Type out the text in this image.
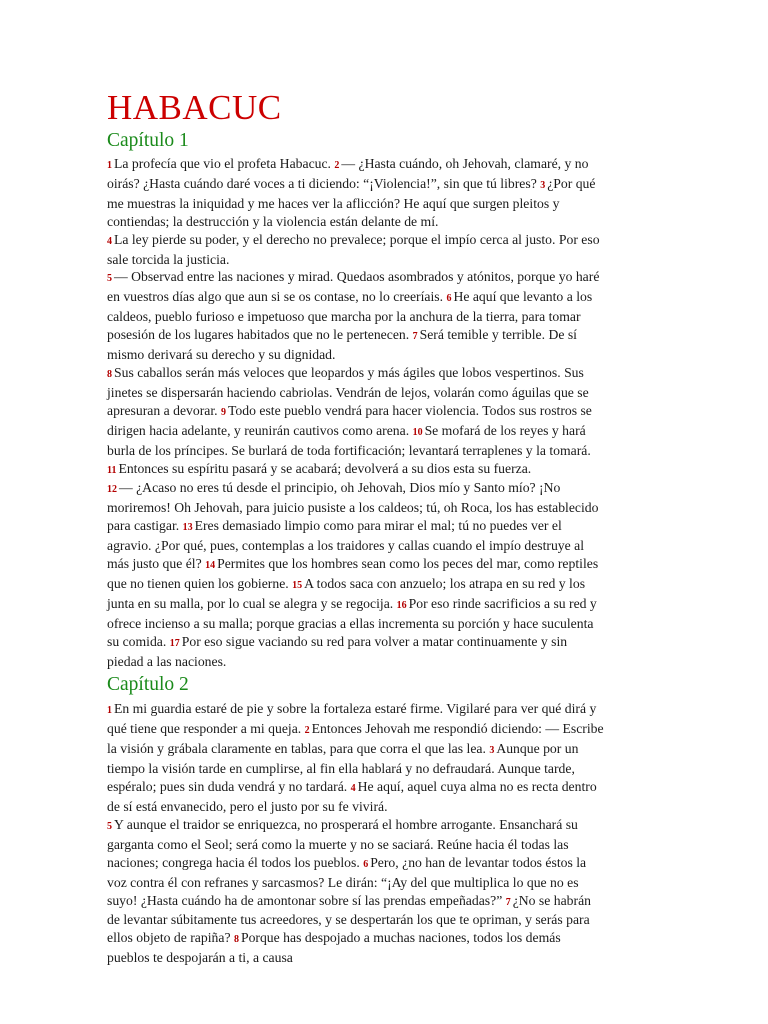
HABACUC
Capítulo 1

1 La profecía que vio el profeta Habacuc. 2 — ¿Hasta cuándo, oh Jehovah, clamaré, y no oirás? ¿Hasta cuándo daré voces a ti diciendo: “¡Violencia!”, sin que tú libres? 3 ¿Por qué me muestras la iniquidad y me haces ver la aflicción? He aquí que surgen pleitos y contiendas; la destrucción y la violencia están delante de mí.
4 La ley pierde su poder, y el derecho no prevalece; porque el impío cerca al justo. Por eso sale torcida la justicia.
5 — Observad entre las naciones y mirad. Quedaos asombrados y atónitos, porque yo haré en vuestros días algo que aun si se os contase, no lo creeríais. 6 He aquí que levanto a los caldeos, pueblo furioso e impetuoso que marcha por la anchura de la tierra, para tomar posesión de los lugares habitados que no le pertenecen. 7 Será temible y terrible. De sí mismo derivará su derecho y su dignidad.
8 Sus caballos serán más veloces que leopardos y más ágiles que lobos vespertinos. Sus jinetes se dispersarán haciendo cabriolas. Vendrán de lejos, volarán como águilas que se apresuran a devorar. 9 Todo este pueblo vendrá para hacer violencia. Todos sus rostros se dirigen hacia adelante, y reunirán cautivos como arena. 10 Se mofará de los reyes y hará burla de los príncipes. Se burlará de toda fortificación; levantará terraplenes y la tomará. 11 Entonces su espíritu pasará y se acabará; devolverá a su dios esta su fuerza.
12 — ¿Acaso no eres tú desde el principio, oh Jehovah, Dios mío y Santo mío? ¡No moriremos! Oh Jehovah, para juicio pusiste a los caldeos; tú, oh Roca, los has establecido para castigar. 13 Eres demasiado limpio como para mirar el mal; tú no puedes ver el agravio. ¿Por qué, pues, contemplas a los traidores y callas cuando el impío destruye al más justo que él? 14 Permites que los hombres sean como los peces del mar, como reptiles que no tienen quien los gobierne. 15 A todos saca con anzuelo; los atrapa en su red y los junta en su malla, por lo cual se alegra y se regocija. 16 Por eso rinde sacrificios a su red y ofrece incienso a su malla; porque gracias a ellas incrementa su porción y hace suculenta su comida. 17 Por eso sigue vaciando su red para volver a matar continuamente y sin piedad a las naciones.

Capítulo 2

1 En mi guardia estaré de pie y sobre la fortaleza estaré firme. Vigilaré para ver qué dirá y qué tiene que responder a mi queja. 2 Entonces Jehovah me respondió diciendo: — Escribe la visión y grábala claramente en tablas, para que corra el que las lea. 3 Aunque por un tiempo la visión tarde en cumplirse, al fin ella hablará y no defraudará. Aunque tarde, espéralo; pues sin duda vendrá y no tardará. 4 He aquí, aquel cuya alma no es recta dentro de sí está envanecido, pero el justo por su fe vivirá.
5 Y aunque el traidor se enriquezca, no prosperará el hombre arrogante. Ensanchará su garganta como el Seol; será como la muerte y no se saciará. Reúne hacia él todas las naciones; congrega hacia él todos los pueblos. 6 Pero, ¿no han de levantar todos éstos la voz contra él con refranes y sarcasmos? Le dirán: “¡Ay del que multiplica lo que no es suyo! ¿Hasta cuándo ha de amontonar sobre sí las prendas empeñadas?” 7 ¿No se habrán de levantar súbitamente tus acreedores, y se despertarán los que te opriman, y serás para ellos objeto de rapiña? 8 Porque has despojado a muchas naciones, todos los demás pueblos te despojarán a ti, a causa
